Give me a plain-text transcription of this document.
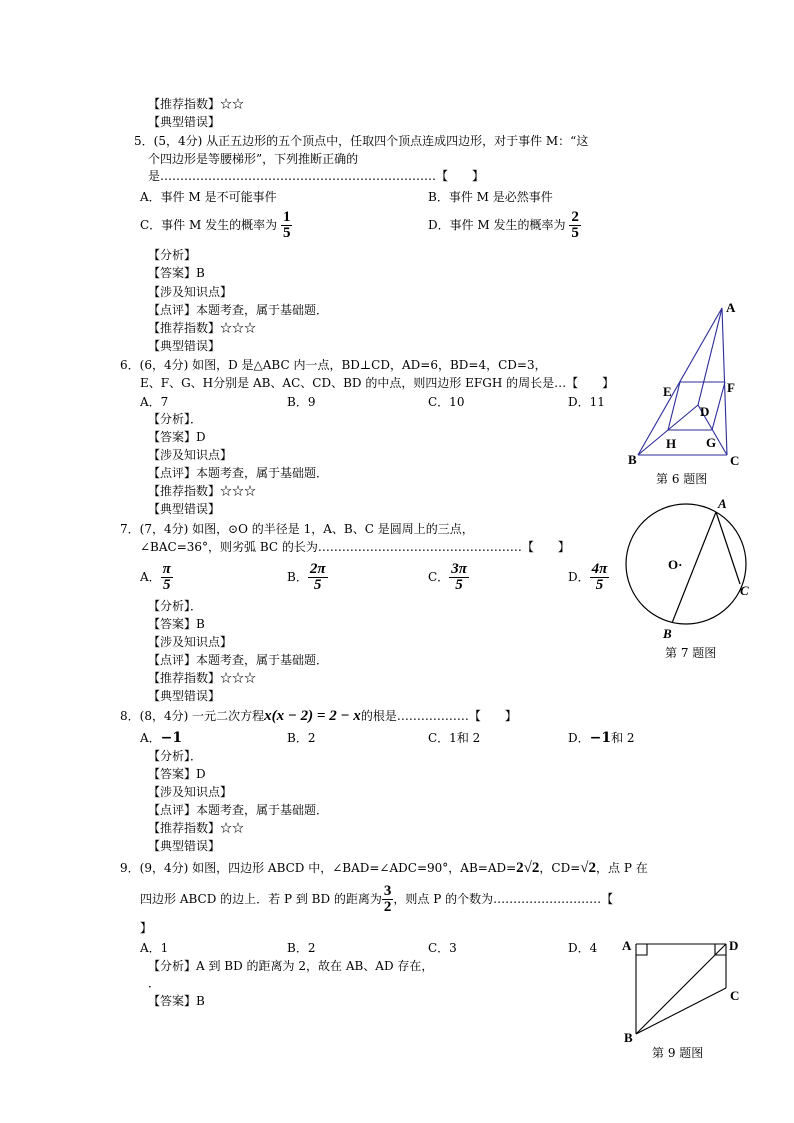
【推荐指数】☆☆
【典型错误】
5．(5，4分) 从正五边形的五个顶点中，任取四个顶点连成四边形，对于事件 M：“这
个四边形是等腰梯形”，下列推断正确的
是……………………………………………………………【　　】
A．事件 M 是不可能事件	B．事件 M 是必然事件
C．事件 M 发生的概率为 $\frac{1}{5}$	D．事件 M 发生的概率为 $\frac{2}{5}$
【分析】
【答案】B
【涉及知识点】
【点评】本题考查，属于基础题．
【推荐指数】☆☆☆
【典型错误】
6．(6，4分) 如图，D 是△ABC 内一点，BD⊥CD，AD=6，BD=4，CD=3，
E、F、G、H分别是 AB、AC、CD、BD 的中点，则四边形 EFGH 的周长是…【　　】
A．7	B．9	C．10	D．11
【分析】．
【答案】D
【涉及知识点】
【点评】本题考查，属于基础题．
【推荐指数】☆☆☆
【典型错误】
A
B	C
D
E	F
G
H
第 6 题图
7．(7，4分) 如图，⊙O 的半径是 1，A、B、C 是圆周上的三点，
∠BAC=36°，则劣弧 BC 的长为……………………………………………【　　】
A． $\frac{\pi}{5}$	B． $\frac{2\pi}{5}$	C． $\frac{3\pi}{5}$	D． $\frac{4\pi}{5}$
【分析】．
【答案】B
【涉及知识点】
【点评】本题考查，属于基础题．
【推荐指数】☆☆☆
【典型错误】
A
B
C
O·
第 7 题图
8．(8，4分) 一元二次方程x(x − 2) = 2 − x的根是………………【　　】
A．−1	B．2	C．1和 2	D．−1和 2
【分析】．
【答案】D
【涉及知识点】
【点评】本题考查，属于基础题．
【推荐指数】☆☆
【典型错误】
9．(9，4分) 如图，四边形 ABCD 中，∠BAD=∠ADC=90°，AB=AD=2√2，CD=√2，点 P 在
四边形 ABCD 的边上．若 P 到 BD 的距离为 $\frac{3}{2}$ ，则点 P 的个数为………………………【
】
A．1	B．2	C．3	D．4
【分析】A 到 BD 的距离为 2，故在 AB、AD 存在，
．
【答案】B
A	D
C
B
第 9 题图
